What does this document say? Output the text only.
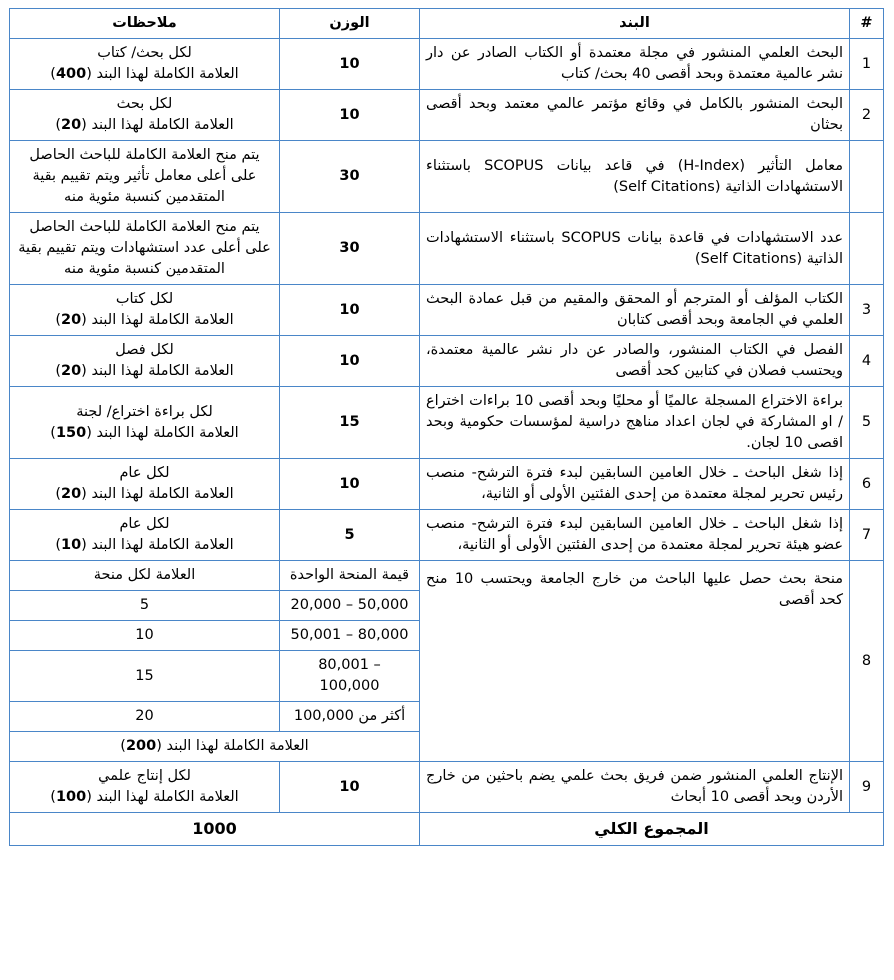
#	البند	الوزن	ملاحظات
1	البحث العلمي المنشور في مجلة معتمدة أو الكتاب الصادر عن دار نشر عالمية معتمدة وبحد أقصى 40 بحث/ كتاب	10	لكل بحث/ كتاب
العلامة الكاملة لهذا البند (400)

2	البحث المنشور بالكامل في وقائع مؤتمر عالمي معتمد وبحد أقصى بحثان	10	لكل بحث
العلامة الكاملة لهذا البند (20)

	معامل التأثير (H-Index) في قاعد بيانات SCOPUS باستثناء الاستشهادات الذاتية (Self Citations)	30	يتم منح العلامة الكاملة للباحث الحاصل على أعلى معامل تأثير ويتم تقييم بقية المتقدمين كنسبة مئوية منه

	عدد الاستشهادات في قاعدة بيانات SCOPUS باستثناء الاستشهادات الذاتية (Self Citations)	30	يتم منح العلامة الكاملة للباحث الحاصل على أعلى عدد استشهادات ويتم تقييم بقية المتقدمين كنسبة مئوية منه

3	الكتاب المؤلف أو المترجم أو المحقق والمقيم من قبل عمادة البحث العلمي في الجامعة وبحد أقصى كتابان	10	لكل كتاب
العلامة الكاملة لهذا البند (20)

4	الفصل في الكتاب المنشور، والصادر عن دار نشر عالمية معتمدة، ويحتسب فصلان في كتابين كحد أقصى	10	لكل فصل
العلامة الكاملة لهذا البند (20)

5	براءة الاختراع المسجلة عالميًا أو محليًا وبحد أقصى 10 براءات اختراع / او المشاركة في لجان اعداد مناهج دراسية لمؤسسات حكومية وبحد اقصى 10 لجان.	15	لكل براءة اختراع/ لجنة
العلامة الكاملة لهذا البند (150)

6	إذا شغل الباحث ـ خلال العامين السابقين لبدء فترة الترشح- منصب رئيس تحرير لمجلة معتمدة من إحدى الفئتين الأولى أو الثانية،	10	لكل عام
العلامة الكاملة لهذا البند (20)

7	إذا شغل الباحث ـ خلال العامين السابقين لبدء فترة الترشح- منصب عضو هيئة تحرير لمجلة معتمدة من إحدى الفئتين الأولى أو الثانية،	5	لكل عام
العلامة الكاملة لهذا البند (10)

8	منحة بحث حصل عليها الباحث من خارج الجامعة ويحتسب 10 منح كحد أقصى	قيمة المنحة الواحدة	العلامة لكل منحة
		20,000 – 50,000	5
		50,001 – 80,000	10
		80,001 – 100,000	15
		أكثر من 100,000	20
		العلامة الكاملة لهذا البند (200)	
9	الإنتاج العلمي المنشور ضمن فريق بحث علمي يضم باحثين من خارج الأردن وبحد أقصى 10 أبحاث	10	لكل إنتاج علمي
العلامة الكاملة لهذا البند (100)

المجموع الكلي		1000	
